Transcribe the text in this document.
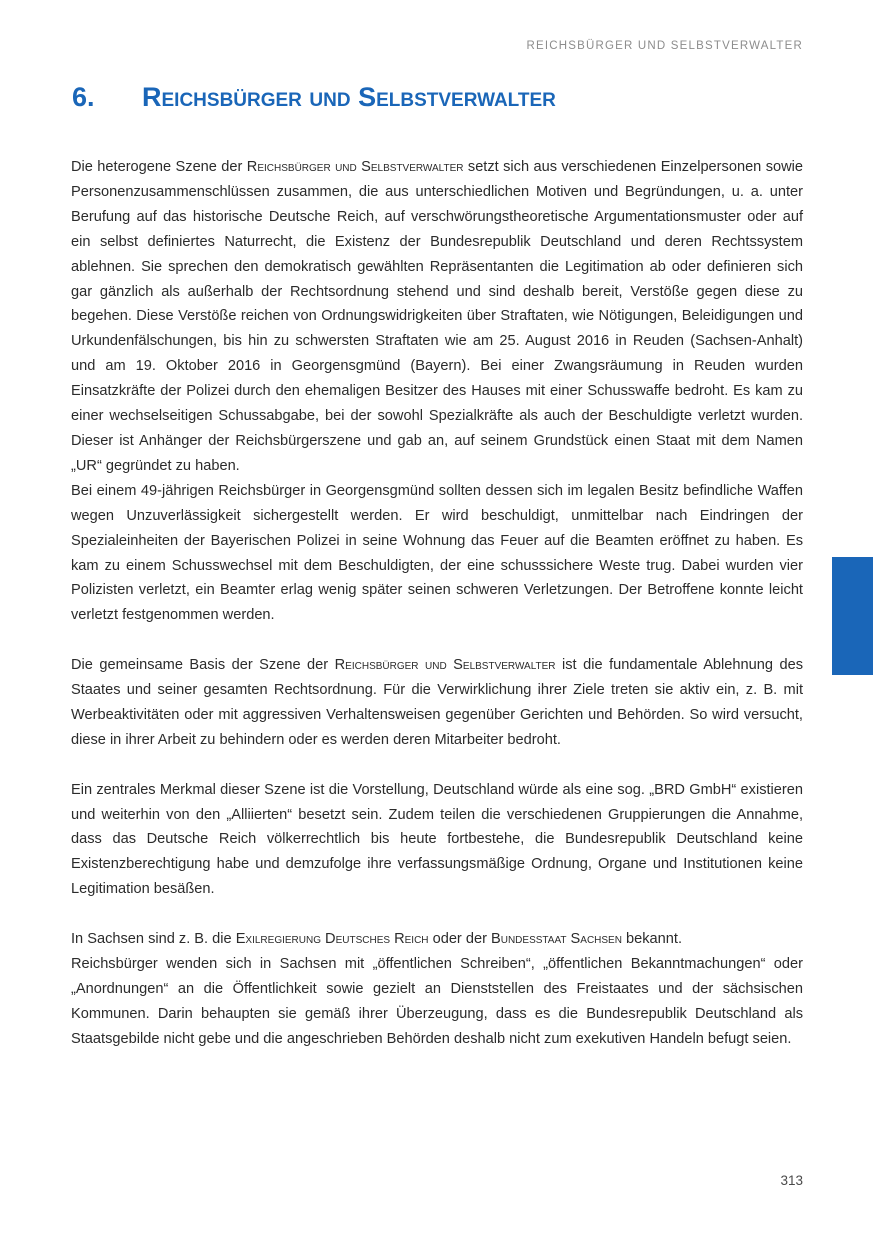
REICHSBÜRGER UND SELBSTVERWALTER
6. Reichsbürger und Selbstverwalter

Die heterogene Szene der Reichsbürger und Selbstverwalter setzt sich aus verschiedenen Einzelpersonen sowie Personenzusammenschlüssen zusammen, die aus unterschiedlichen Motiven und Begründungen, u. a. unter Berufung auf das historische Deutsche Reich, auf verschwörungstheoretische Argumentationsmuster oder auf ein selbst definiertes Naturrecht, die Existenz der Bundesrepublik Deutschland und deren Rechtssystem ablehnen. Sie sprechen den demokratisch gewählten Repräsentanten die Legitimation ab oder definieren sich gar gänzlich als außerhalb der Rechtsordnung stehend und sind deshalb bereit, Verstöße gegen diese zu begehen. Diese Verstöße reichen von Ordnungswidrigkeiten über Straftaten, wie Nötigungen, Beleidigungen und Urkundenfälschungen, bis hin zu schwersten Straftaten wie am 25. August 2016 in Reuden (Sachsen-Anhalt) und am 19. Oktober 2016 in Georgensgmünd (Bayern). Bei einer Zwangsräumung in Reuden wurden Einsatzkräfte der Polizei durch den ehemaligen Besitzer des Hauses mit einer Schusswaffe bedroht. Es kam zu einer wechselseitigen Schussabgabe, bei der sowohl Spezialkräfte als auch der Beschuldigte verletzt wurden. Dieser ist Anhänger der Reichsbürgerszene und gab an, auf seinem Grundstück einen Staat mit dem Namen „UR“ gegründet zu haben.

Bei einem 49-jährigen Reichsbürger in Georgensgmünd sollten dessen sich im legalen Besitz befindliche Waffen wegen Unzuverlässigkeit sichergestellt werden. Er wird beschuldigt, unmittelbar nach Eindringen der Spezialeinheiten der Bayerischen Polizei in seine Wohnung das Feuer auf die Beamten eröffnet zu haben. Es kam zu einem Schusswechsel mit dem Beschuldigten, der eine schusssichere Weste trug. Dabei wurden vier Polizisten verletzt, ein Beamter erlag wenig später seinen schweren Verletzungen. Der Betroffene konnte leicht verletzt festgenommen werden.

Die gemeinsame Basis der Szene der Reichsbürger und Selbstverwalter ist die fundamentale Ablehnung des Staates und seiner gesamten Rechtsordnung. Für die Verwirklichung ihrer Ziele treten sie aktiv ein, z. B. mit Werbeaktivitäten oder mit aggressiven Verhaltensweisen gegenüber Gerichten und Behörden. So wird versucht, diese in ihrer Arbeit zu behindern oder es werden deren Mitarbeiter bedroht.

Ein zentrales Merkmal dieser Szene ist die Vorstellung, Deutschland würde als eine sog. „BRD GmbH“ existieren und weiterhin von den „Alliierten“ besetzt sein. Zudem teilen die verschiedenen Gruppierungen die Annahme, dass das Deutsche Reich völkerrechtlich bis heute fortbestehe, die Bundesrepublik Deutschland keine Existenzberechtigung habe und demzufolge ihre verfassungsmäßige Ordnung, Organe und Institutionen keine Legitimation besäßen.

In Sachsen sind z. B. die Exilregierung Deutsches Reich oder der Bundesstaat Sachsen bekannt.

Reichsbürger wenden sich in Sachsen mit „öffentlichen Schreiben“, „öffentlichen Bekanntmachungen“ oder „Anordnungen“ an die Öffentlichkeit sowie gezielt an Dienststellen des Freistaates und der sächsischen Kommunen. Darin behaupten sie gemäß ihrer Überzeugung, dass es die Bundesrepublik Deutschland als Staatsgebilde nicht gebe und die angeschrieben Behörden deshalb nicht zum exekutiven Handeln befugt seien.

313
